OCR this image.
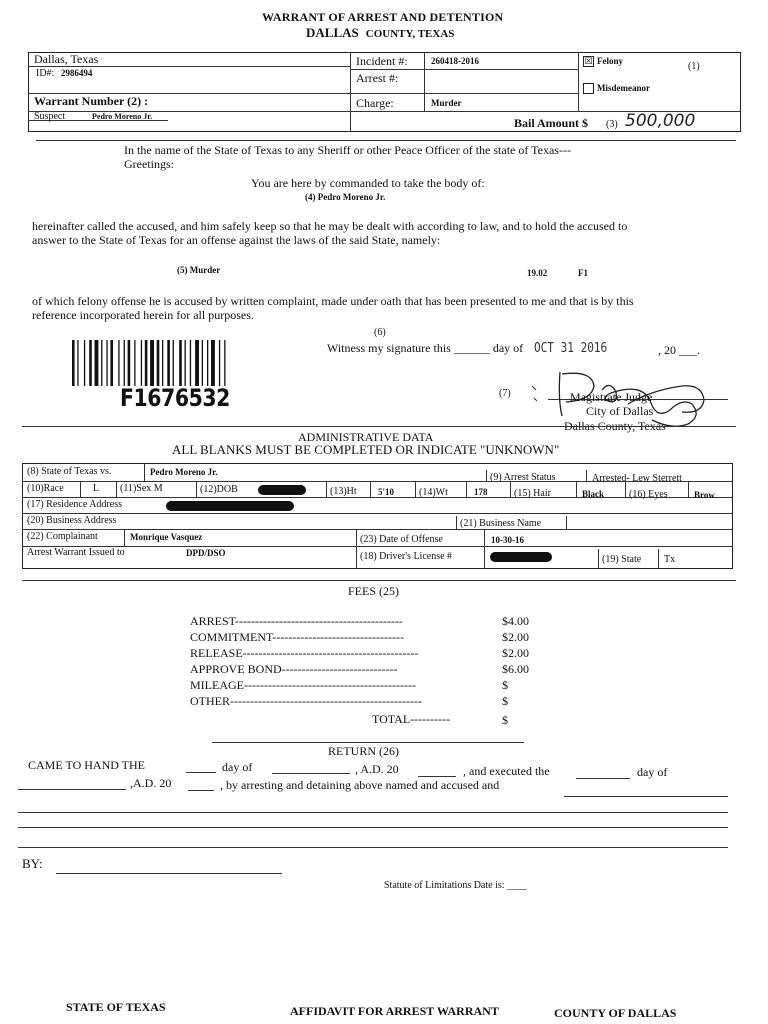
WARRANT OF ARREST AND DETENTION
DALLAS COUNTY, TEXAS
Dallas, Texas
ID#: 2986494
Incident #:	260418-2016
Arrest #:
☒ Felony	(1)
Misdemeanor
Warrant Number (2) :	Charge:	Murder
Suspect	Pedro Moreno Jr.	Bail Amount $ (3) 500,000
In the name of the State of Texas to any Sheriff or other Peace Officer of the state of Texas---
Greetings:
You are here by commanded to take the body of:
(4) Pedro Moreno Jr.
hereinafter called the accused, and him safely keep so that he may be dealt with according to law, and to hold the accused to
answer to the State of Texas for an offense against the laws of the said State, namely:
(5) Murder	19.02	F1
of which felony offense he is accused by written complaint, made under oath that has been presented to me and that is by this
reference incorporated herein for all purposes.
(6)
Witness my signature this ______ day of OCT 31 2016	, 20 ___.
F1676532	(7)	Magistrate Judge
City of Dallas
Dallas County, Texas
ADMINISTRATIVE DATA
ALL BLANKS MUST BE COMPLETED OR INDICATE "UNKNOWN"
(8) State of Texas vs.	Pedro Moreno Jr.	(9) Arrest Status	Arrested- Lew Sterrett
(10)Race	L (11)Sex M	(12)DOB	(13)Ht 5'10 (14)Wt	178	(15) Hair	Black (16) Eyes	Brow
(17) Residence Address
(20) Business Address	(21) Business Name
(22) Complainant	Monrique Vasquez	(23) Date of Offense	10-30-16
Arrest Warrant Issued to	DPD/DSO	(18) Driver's License #	(19) State Tx
FEES (25)
ARREST------------------------------------------	$4.00
COMMITMENT---------------------------------	$2.00
RELEASE--------------------------------------------	$2.00
APPROVE BOND-----------------------------	$6.00
MILEAGE-------------------------------------------	$
OTHER------------------------------------------------	$
TOTAL----------	$
RETURN (26)
CAME TO HAND THE	day of	, A.D. 20	, and executed the	day of
,A.D. 20	, by arresting and detaining above named and accused and
BY:
Statute of Limitations Date is: ____
STATE OF TEXAS	AFFIDAVIT FOR ARREST WARRANT	COUNTY OF DALLAS
